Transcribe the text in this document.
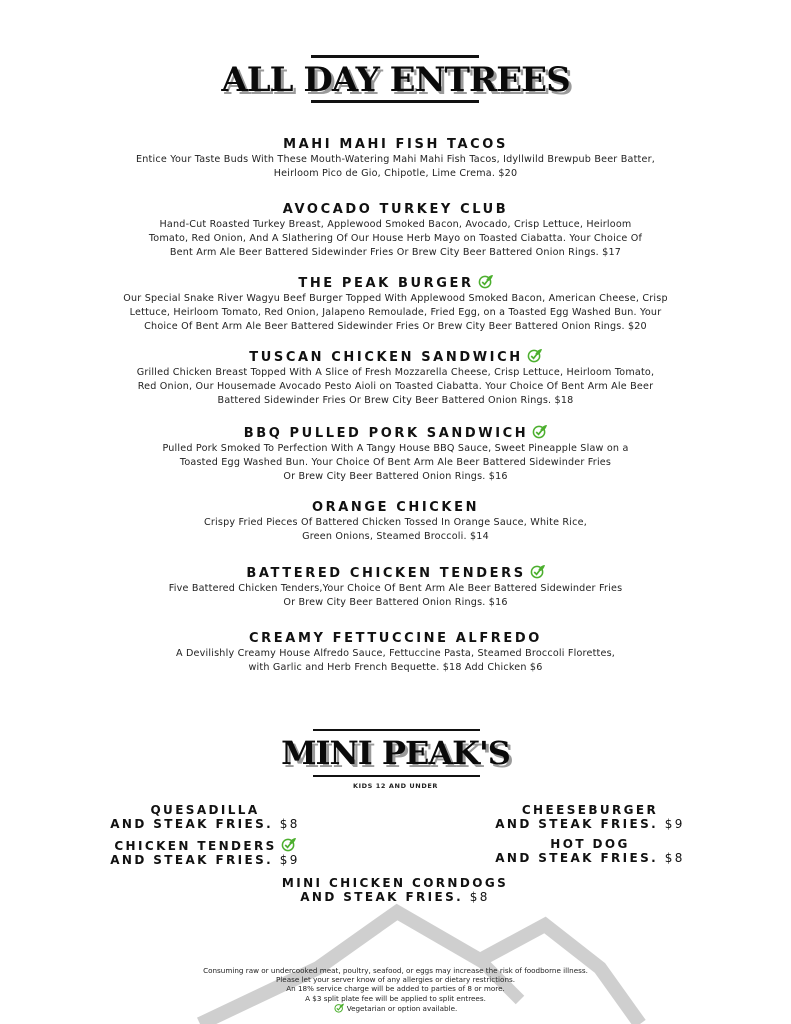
ALL DAY ENTREES
MAHI MAHI FISH TACOS
Entice Your Taste Buds With These Mouth-Watering Mahi Mahi Fish Tacos, Idyllwild Brewpub Beer Batter,
Heirloom Pico de Gio, Chipotle, Lime Crema. $20
AVOCADO TURKEY CLUB
Hand-Cut Roasted Turkey Breast, Applewood Smoked Bacon, Avocado, Crisp Lettuce, Heirloom
Tomato, Red Onion, And A Slathering Of Our House Herb Mayo on Toasted Ciabatta. Your Choice Of
Bent Arm Ale Beer Battered Sidewinder Fries Or Brew City Beer Battered Onion Rings. $17
THE PEAK BURGER
Our Special Snake River Wagyu Beef Burger Topped With Applewood Smoked Bacon, American Cheese, Crisp
Lettuce, Heirloom Tomato, Red Onion, Jalapeno Remoulade, Fried Egg, on a Toasted Egg Washed Bun. Your
Choice Of Bent Arm Ale Beer Battered Sidewinder Fries Or Brew City Beer Battered Onion Rings. $20
TUSCAN CHICKEN SANDWICH
Grilled Chicken Breast Topped With A Slice of Fresh Mozzarella Cheese, Crisp Lettuce, Heirloom Tomato,
Red Onion, Our Housemade Avocado Pesto Aioli on Toasted Ciabatta. Your Choice Of Bent Arm Ale Beer
Battered Sidewinder Fries Or Brew City Beer Battered Onion Rings. $18
BBQ PULLED PORK SANDWICH
Pulled Pork Smoked To Perfection With A Tangy House BBQ Sauce, Sweet Pineapple Slaw on a
Toasted Egg Washed Bun. Your Choice Of Bent Arm Ale Beer Battered Sidewinder Fries
Or Brew City Beer Battered Onion Rings. $16
ORANGE CHICKEN
Crispy Fried Pieces Of Battered Chicken Tossed In Orange Sauce, White Rice,
Green Onions, Steamed Broccoli. $14
BATTERED CHICKEN TENDERS
Five Battered Chicken Tenders,Your Choice Of Bent Arm Ale Beer Battered Sidewinder Fries
Or Brew City Beer Battered Onion Rings. $16
CREAMY FETTUCCINE ALFREDO
A Devilishly Creamy House Alfredo Sauce, Fettuccine Pasta, Steamed Broccoli Florettes,
with Garlic and Herb French Bequette. $18 Add Chicken $6
MINI PEAK'S
KIDS 12 AND UNDER
QUESADILLA
AND STEAK FRIES. $8
CHEESEBURGER
AND STEAK FRIES. $9
CHICKEN TENDERS
AND STEAK FRIES. $9
HOT DOG
AND STEAK FRIES. $8
MINI CHICKEN CORNDOGS
AND STEAK FRIES. $8
Consuming raw or undercooked meat, poultry, seafood, or eggs may increase the risk of foodborne illness.
Please let your server know of any allergies or dietary restrictions.
An 18% service charge will be added to parties of 8 or more.
A $3 split plate fee will be applied to split entrees.
Vegetarian or option available.
